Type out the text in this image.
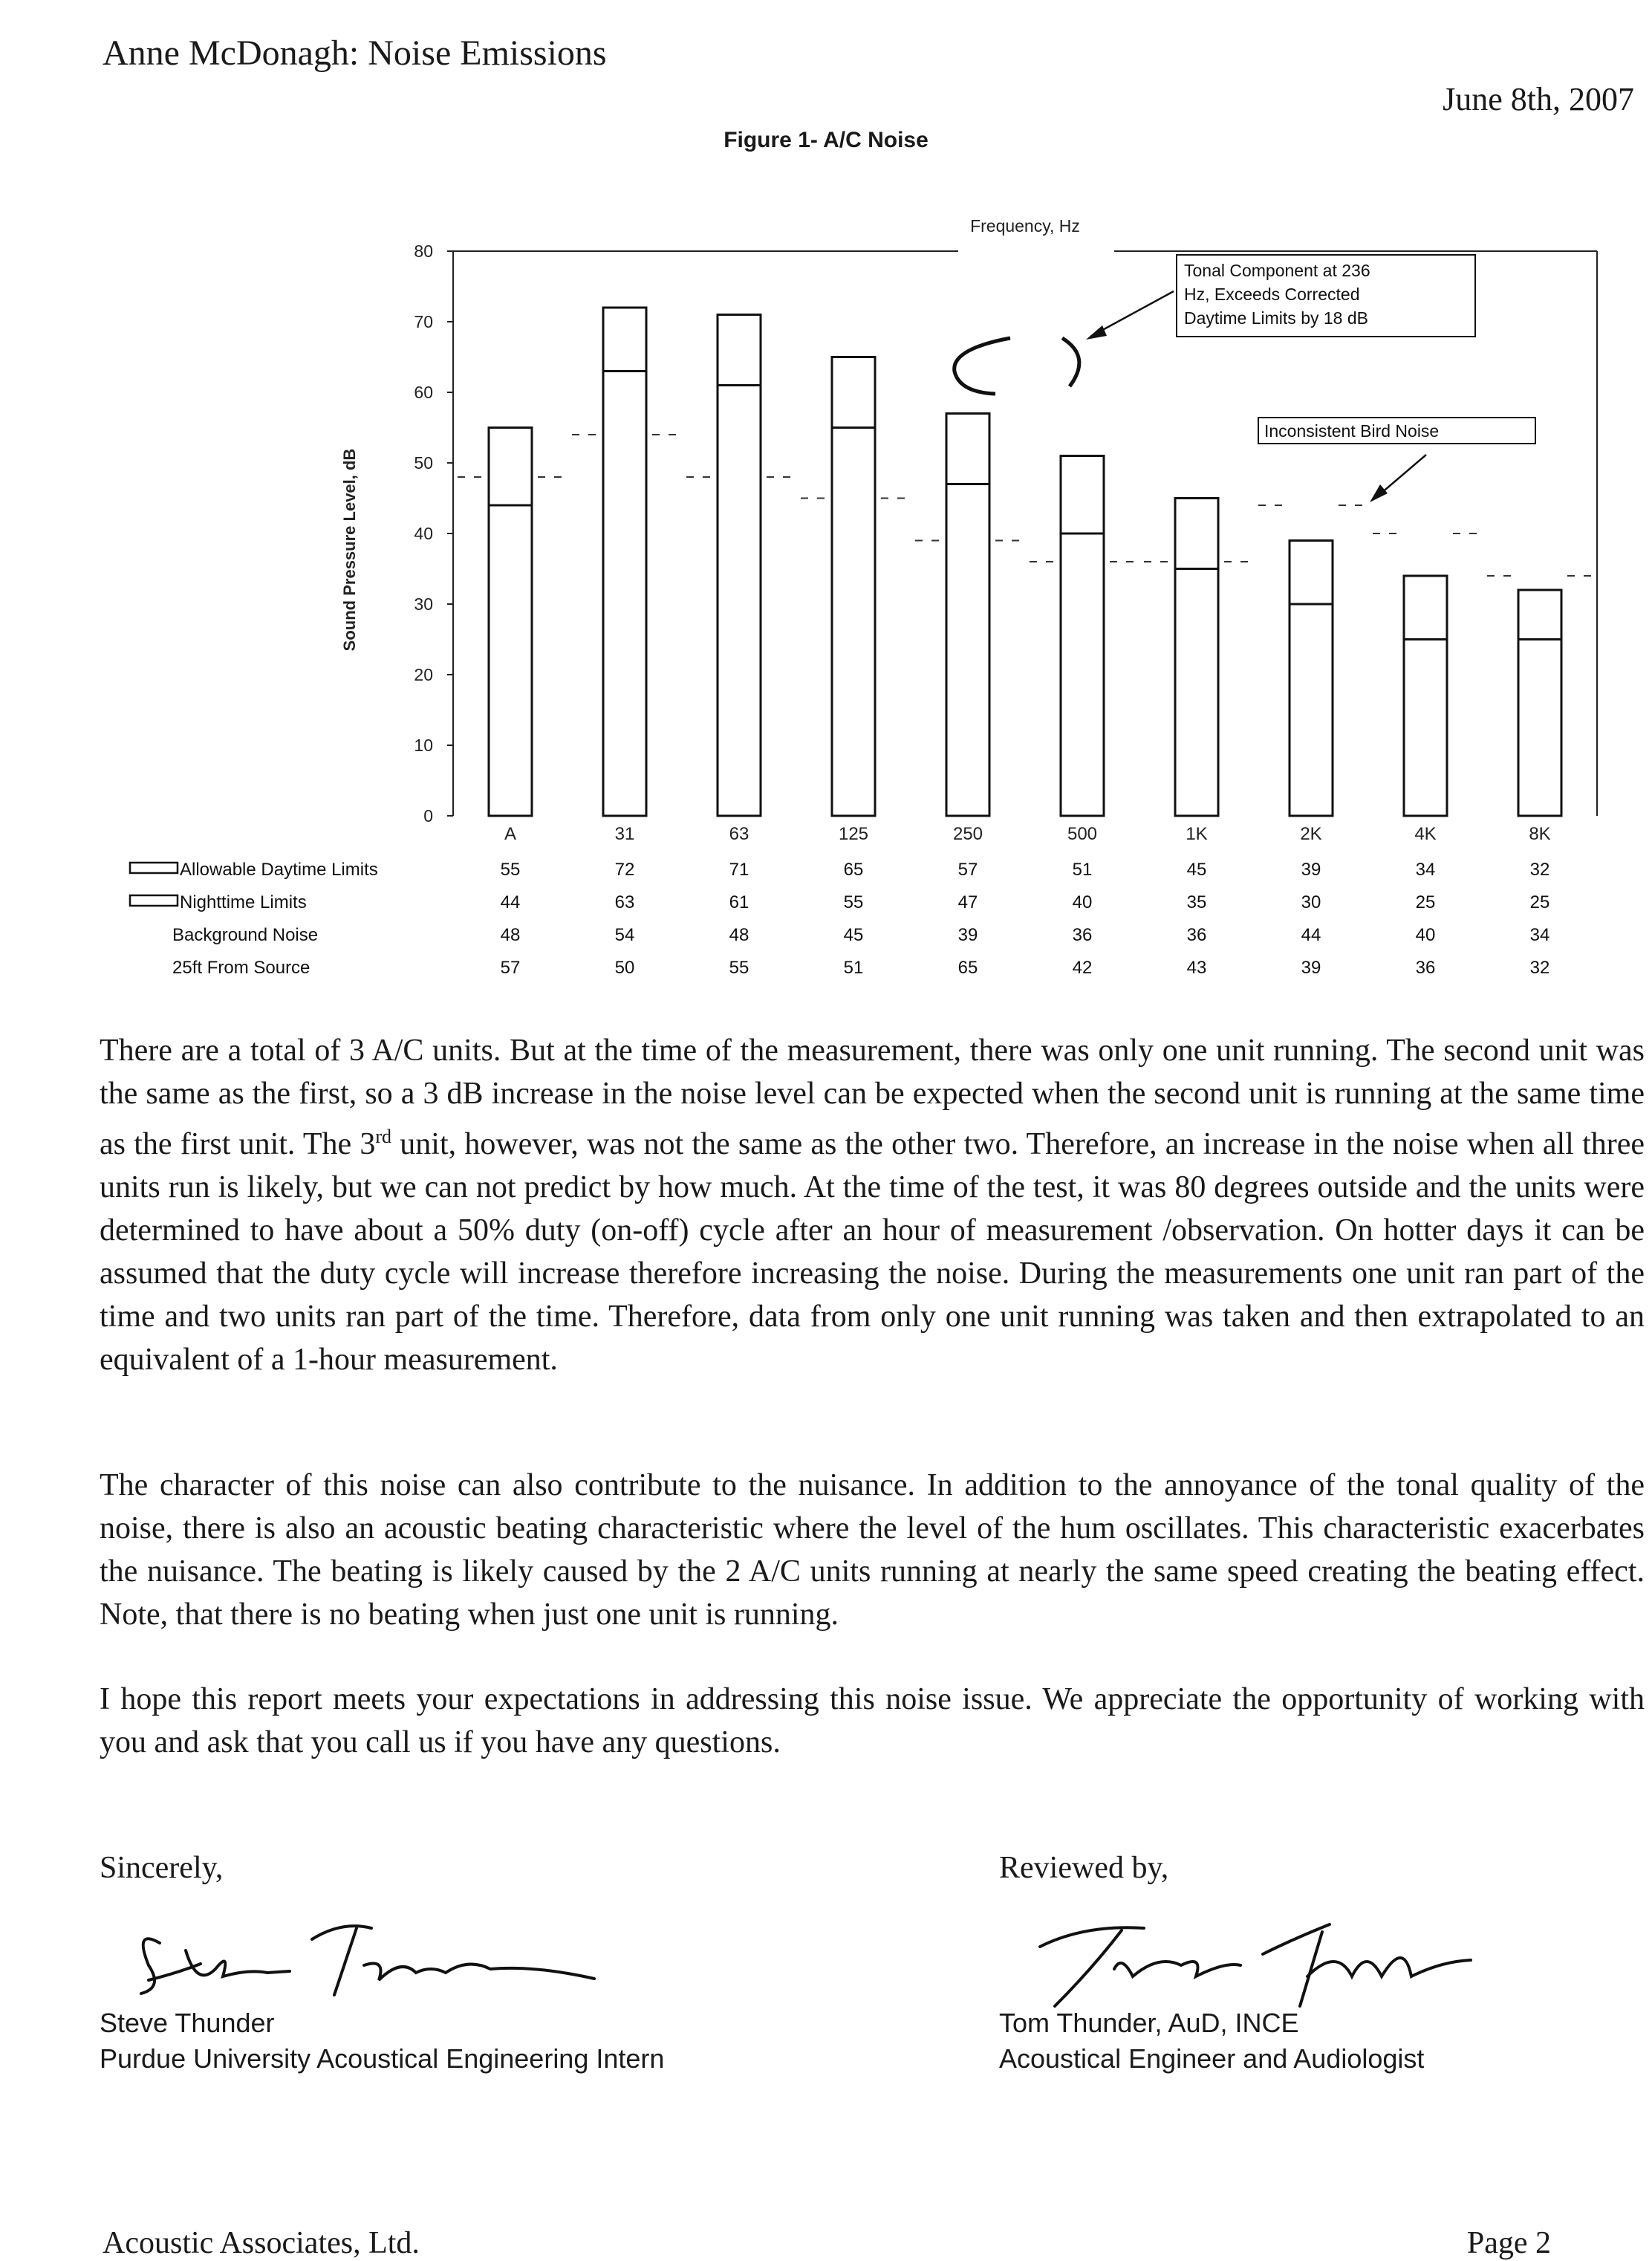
Anne McDonagh: Noise Emissions
June 8th, 2007
Figure 1- A/C Noise
0
10
20
30
40
50
60
70
80
A	31	63	125	250	500	1K	2K	4K	8K
Allowable Daytime Limits	55	72	71	65	57	51	45	39	34	32
Nighttime Limits	44	63	61	55	47	40	35	30	25	25
Background Noise	48	54	48	45	39	36	36	44	40	34
25ft From Source	57	50	55	51	65	42	43	39	36	32
Frequency, Hz
Sound Pressure Level, dB
Tonal Component at 236
Hz, Exceeds Corrected
Daytime Limits by 18 dB
Inconsistent Bird Noise
There are a total of 3 A/C units. But at the time of the measurement, there was only one unit running. The second unit was the same as the first, so a 3 dB increase in the noise level can be expected when the second unit is running at the same time as the first unit. The 3rd unit, however, was not the same as the other two. Therefore, an increase in the noise when all three units run is likely, but we can not predict by how much. At the time of the test, it was 80 degrees outside and the units were determined to have about a 50% duty (on-off) cycle after an hour of measurement /observation. On hotter days it can be assumed that the duty cycle will increase therefore increasing the noise. During the measurements one unit ran part of the time and two units ran part of the time. Therefore, data from only one unit running was taken and then extrapolated to an equivalent of a 1-hour measurement.
The character of this noise can also contribute to the nuisance. In addition to the annoyance of the tonal quality of the noise, there is also an acoustic beating characteristic where the level of the hum oscillates. This characteristic exacerbates the nuisance. The beating is likely caused by the 2 A/C units running at nearly the same speed creating the beating effect. Note, that there is no beating when just one unit is running.
I hope this report meets your expectations in addressing this noise issue. We appreciate the opportunity of working with you and ask that you call us if you have any questions.
Sincerely,
Steve Thunder
Purdue University Acoustical Engineering Intern
Reviewed by,
Tom Thunder, AuD, INCE
Acoustical Engineer and Audiologist
Acoustic Associates, Ltd.	Page 2
